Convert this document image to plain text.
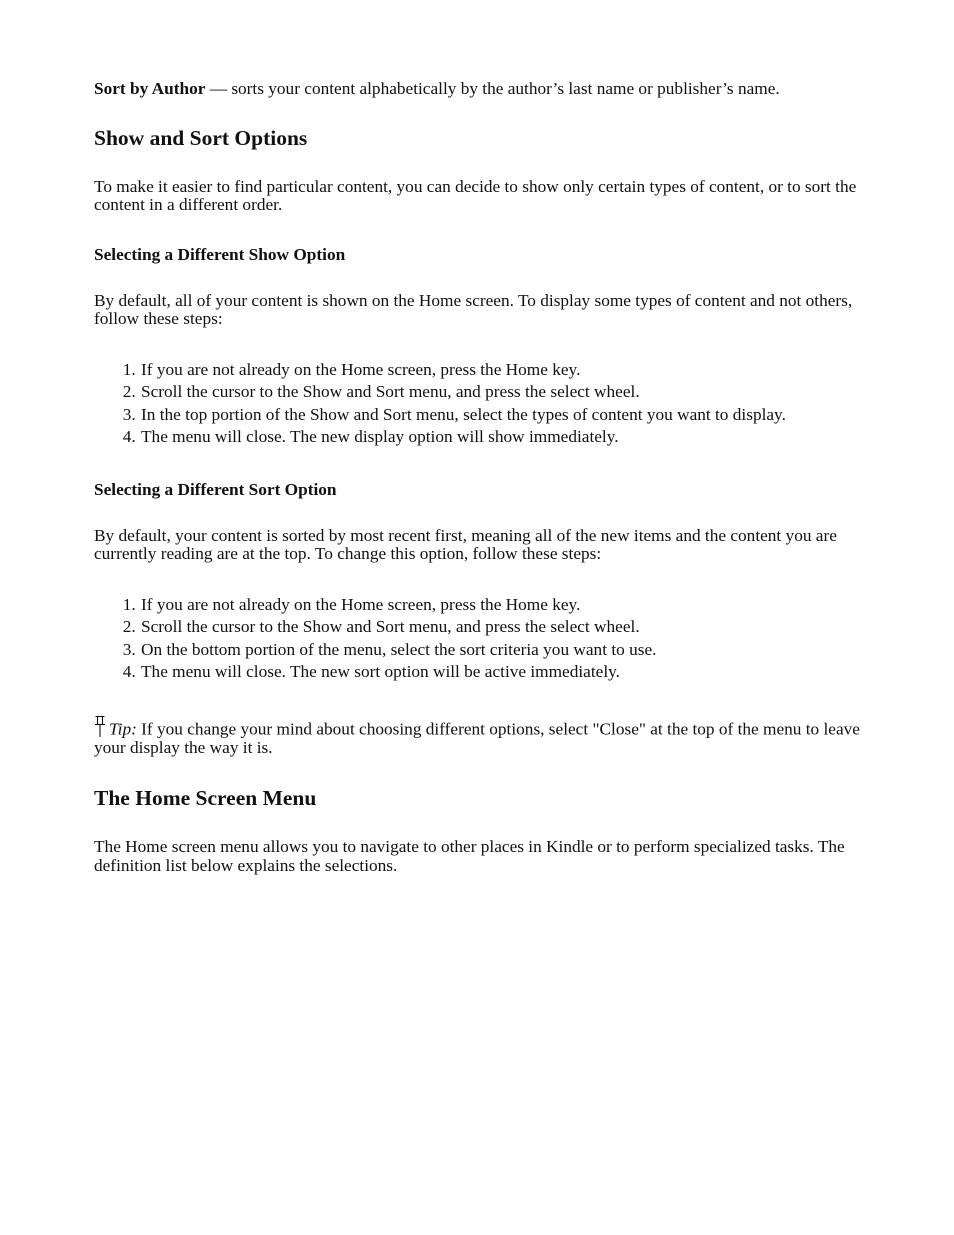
Sort by Author — sorts your content alphabetically by the author’s last name or publisher’s name.

Show and Sort Options

To make it easier to find particular content, you can decide to show only certain types of content, or to sort the content in a different order.

Selecting a Different Show Option

By default, all of your content is shown on the Home screen. To display some types of content and not others, follow these steps:

1. If you are not already on the Home screen, press the Home key.
2. Scroll the cursor to the Show and Sort menu, and press the select wheel.
3. In the top portion of the Show and Sort menu, select the types of content you want to display.
4. The menu will close. The new display option will show immediately.
Selecting a Different Sort Option

By default, your content is sorted by most recent first, meaning all of the new items and the content you are currently reading are at the top. To change this option, follow these steps:

1. If you are not already on the Home screen, press the Home key.
2. Scroll the cursor to the Show and Sort menu, and press the select wheel.
3. On the bottom portion of the menu, select the sort criteria you want to use.
4. The menu will close. The new sort option will be active immediately.

Tip: If you change your mind about choosing different options, select "Close" at the top of the menu to leave your display the way it is.

The Home Screen Menu

The Home screen menu allows you to navigate to other places in Kindle or to perform specialized tasks. The definition list below explains the selections.
